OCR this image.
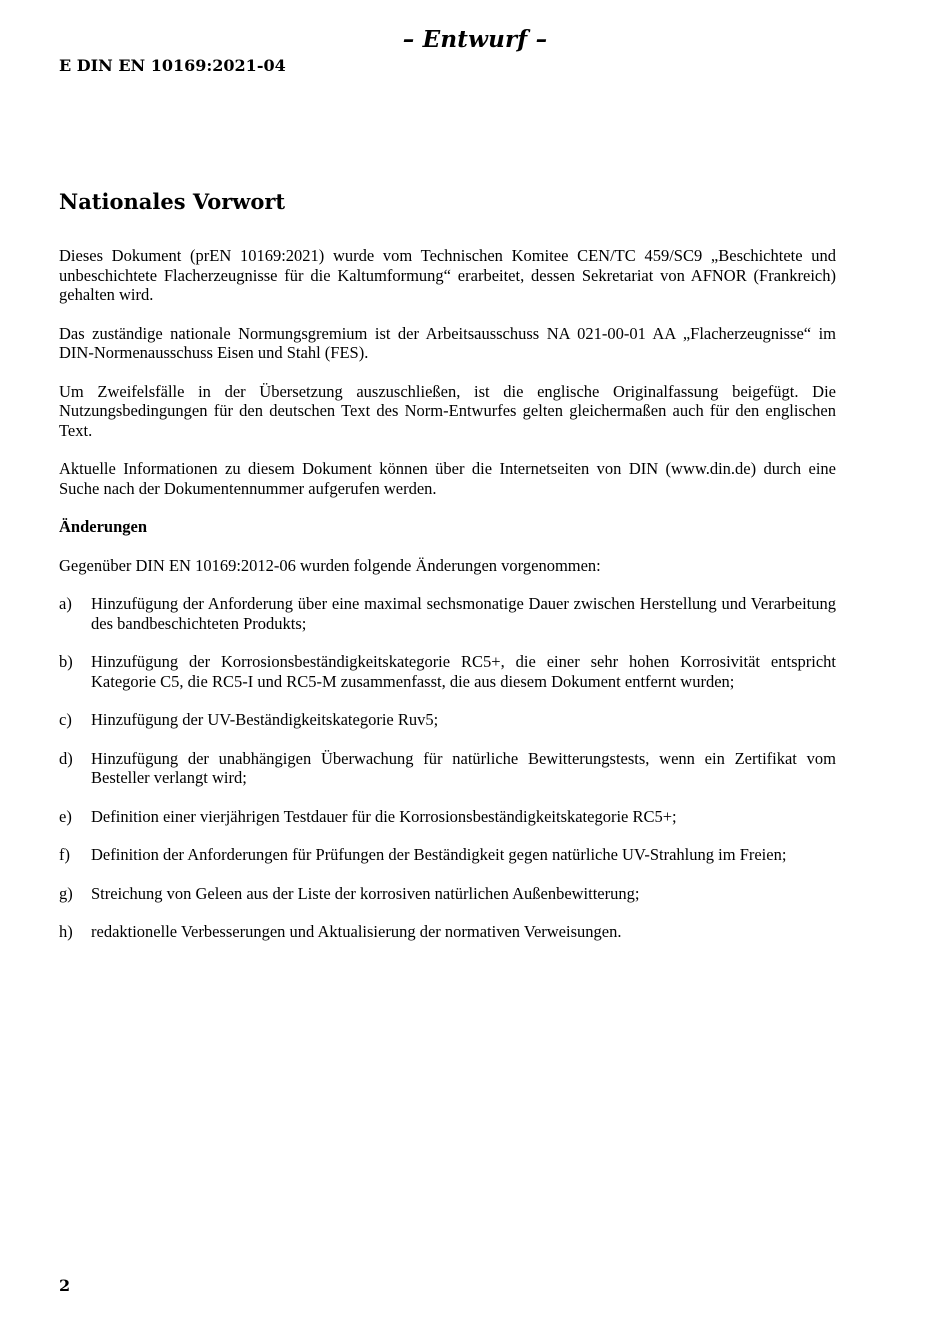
– Entwurf –
E DIN EN 10169:2021-04
Nationales Vorwort

Dieses Dokument (prEN 10169:2021) wurde vom Technischen Komitee CEN/TC 459/SC9 „Beschichtete und unbeschichtete Flacherzeugnisse für die Kaltumformung“ erarbeitet, dessen Sekretariat von AFNOR (Frankreich) gehalten wird.

Das zuständige nationale Normungsgremium ist der Arbeitsausschuss NA 021-00-01 AA „Flacherzeugnisse“ im DIN-Normenausschuss Eisen und Stahl (FES).

Um Zweifelsfälle in der Übersetzung auszuschließen, ist die englische Originalfassung beigefügt. Die Nutzungsbedingungen für den deutschen Text des Norm-Entwurfes gelten gleichermaßen auch für den englischen Text.

Aktuelle Informationen zu diesem Dokument können über die Internetseiten von DIN (www.din.de) durch eine Suche nach der Dokumentennummer aufgerufen werden.

Änderungen

Gegenüber DIN EN 10169:2012-06 wurden folgende Änderungen vorgenommen:

a)	Hinzufügung der Anforderung über eine maximal sechsmonatige Dauer zwischen Herstellung und Verarbeitung des bandbeschichteten Produkts;
b)	Hinzufügung der Korrosionsbeständigkeitskategorie RC5+, die einer sehr hohen Korrosivität entspricht Kategorie C5, die RC5-I und RC5-M zusammenfasst, die aus diesem Dokument entfernt wurden;
c)	Hinzufügung der UV-Beständigkeitskategorie Ruv5;
d)	Hinzufügung der unabhängigen Überwachung für natürliche Bewitterungstests, wenn ein Zertifikat vom Besteller verlangt wird;
e)	Definition einer vierjährigen Testdauer für die Korrosionsbeständigkeitskategorie RC5+;
f)	Definition der Anforderungen für Prüfungen der Beständigkeit gegen natürliche UV-Strahlung im Freien;
g)	Streichung von Geleen aus der Liste der korrosiven natürlichen Außenbewitterung;
h)	redaktionelle Verbesserungen und Aktualisierung der normativen Verweisungen.
2
